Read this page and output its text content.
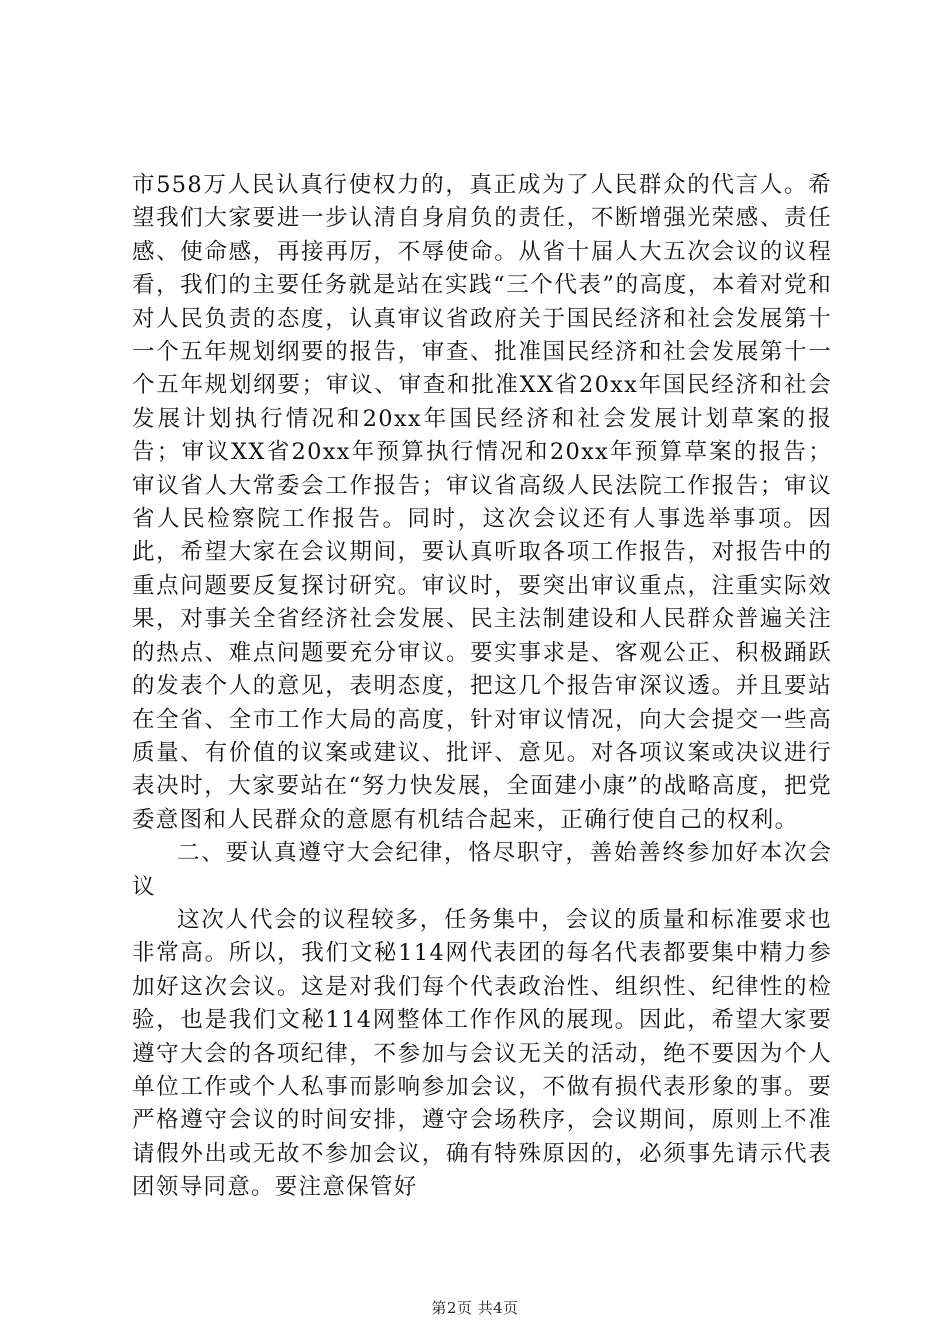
市558万人民认真行使权力的，真正成为了人民群众的代言人。希望我们大家要进一步认清自身肩负的责任，不断增强光荣感、责任感、使命感，再接再厉，不辱使命。从省十届人大五次会议的议程看，我们的主要任务就是站在实践“三个代表”的高度，本着对党和对人民负责的态度，认真审议省政府关于国民经济和社会发展第十一个五年规划纲要的报告，审查、批准国民经济和社会发展第十一个五年规划纲要；审议、审查和批准XX省20xx年国民经济和社会发展计划执行情况和20xx年国民经济和社会发展计划草案的报告；审议XX省20xx年预算执行情况和20xx年预算草案的报告；审议省人大常委会工作报告；审议省高级人民法院工作报告；审议省人民检察院工作报告。同时，这次会议还有人事选举事项。因此，希望大家在会议期间，要认真听取各项工作报告，对报告中的重点问题要反复探讨研究。审议时，要突出审议重点，注重实际效果，对事关全省经济社会发展、民主法制建设和人民群众普遍关注的热点、难点问题要充分审议。要实事求是、客观公正、积极踊跃的发表个人的意见，表明态度，把这几个报告审深议透。并且要站在全省、全市工作大局的高度，针对审议情况，向大会提交一些高质量、有价值的议案或建议、批评、意见。对各项议案或决议进行表决时，大家要站在“努力快发展，全面建小康”的战略高度，把党委意图和人民群众的意愿有机结合起来，正确行使自己的权利。

二、要认真遵守大会纪律，恪尽职守，善始善终参加好本次会议

这次人代会的议程较多，任务集中，会议的质量和标准要求也非常高。所以，我们文秘114网代表团的每名代表都要集中精力参加好这次会议。这是对我们每个代表政治性、组织性、纪律性的检验，也是我们文秘114网整体工作作风的展现。因此，希望大家要遵守大会的各项纪律，不参加与会议无关的活动，绝不要因为个人单位工作或个人私事而影响参加会议，不做有损代表形象的事。要严格遵守会议的时间安排，遵守会场秩序，会议期间，原则上不准请假外出或无故不参加会议，确有特殊原因的，必须事先请示代表团领导同意。要注意保管好

第2页 共4页
